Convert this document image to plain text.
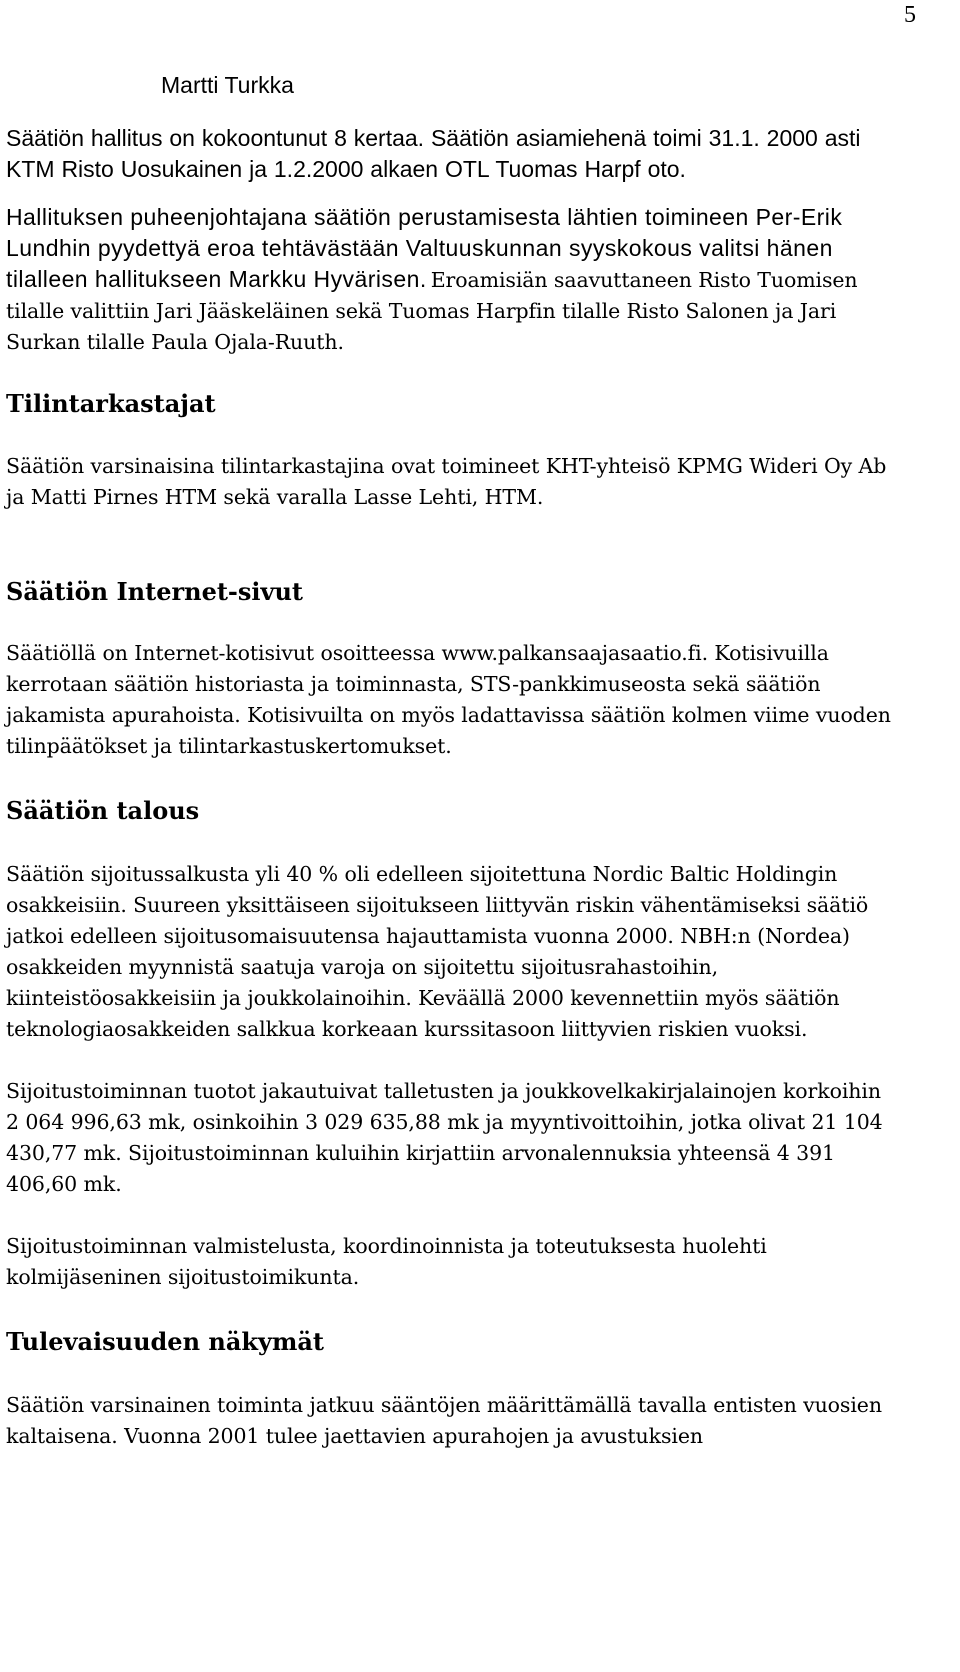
5

Martti Turkka

Säätiön hallitus on kokoontunut 8 kertaa. Säätiön asiamiehenä toimi 31.1. 2000 asti KTM Risto Uosukainen ja 1.2.2000 alkaen OTL Tuomas Harpf oto.

Hallituksen puheenjohtajana säätiön perustamisesta lähtien toimineen Per-Erik Lundhin pyydettyä eroa tehtävästään Valtuuskunnan syyskokous valitsi hänen tilalleen hallitukseen Markku Hyvärisen. Eroamisiän saavuttaneen Risto Tuomisen tilalle valittiin Jari Jääskeläinen sekä Tuomas Harpfin tilalle Risto Salonen ja Jari Surkan tilalle Paula Ojala-Ruuth.
Tilintarkastajat

Säätiön varsinaisina tilintarkastajina ovat toimineet KHT-yhteisö KPMG Wideri Oy Ab ja Matti Pirnes HTM sekä varalla Lasse Lehti, HTM.

Säätiön Internet-sivut

Säätiöllä on Internet-kotisivut osoitteessa www.palkansaajasaatio.fi. Kotisivuilla kerrotaan säätiön historiasta ja toiminnasta, STS-pankkimuseosta sekä säätiön jakamista apurahoista. Kotisivuilta on myös ladattavissa säätiön kolmen viime vuoden tilinpäätökset ja tilintarkastuskertomukset.

Säätiön talous

Säätiön sijoitussalkusta yli 40 % oli edelleen sijoitettuna Nordic Baltic Holdingin osakkeisiin. Suureen yksittäiseen sijoitukseen liittyvän riskin vähentämiseksi säätiö jatkoi edelleen sijoitusomaisuutensa hajauttamista vuonna 2000. NBH:n (Nordea) osakkeiden myynnistä saatuja varoja on sijoitettu sijoitusrahastoihin, kiinteistöosakkeisiin ja joukkolainoihin. Keväällä 2000 kevennettiin myös säätiön teknologiaosakkeiden salkkua korkeaan kurssitasoon liittyvien riskien vuoksi.

Sijoitustoiminnan tuotot jakautuivat talletusten ja joukkovelkakirjalainojen korkoihin 2 064 996,63 mk, osinkoihin 3 029 635,88 mk ja myyntivoittoihin, jotka olivat 21 104 430,77 mk. Sijoitustoiminnan kuluihin kirjattiin arvonalennuksia yhteensä 4 391 406,60 mk.

Sijoitustoiminnan valmistelusta, koordinoinnista ja toteutuksesta huolehti kolmijäseninen sijoitustoimikunta.

Tulevaisuuden näkymät

Säätiön varsinainen toiminta jatkuu sääntöjen määrittämällä tavalla entisten vuosien kaltaisena. Vuonna 2001 tulee jaettavien apurahojen ja avustuksien
